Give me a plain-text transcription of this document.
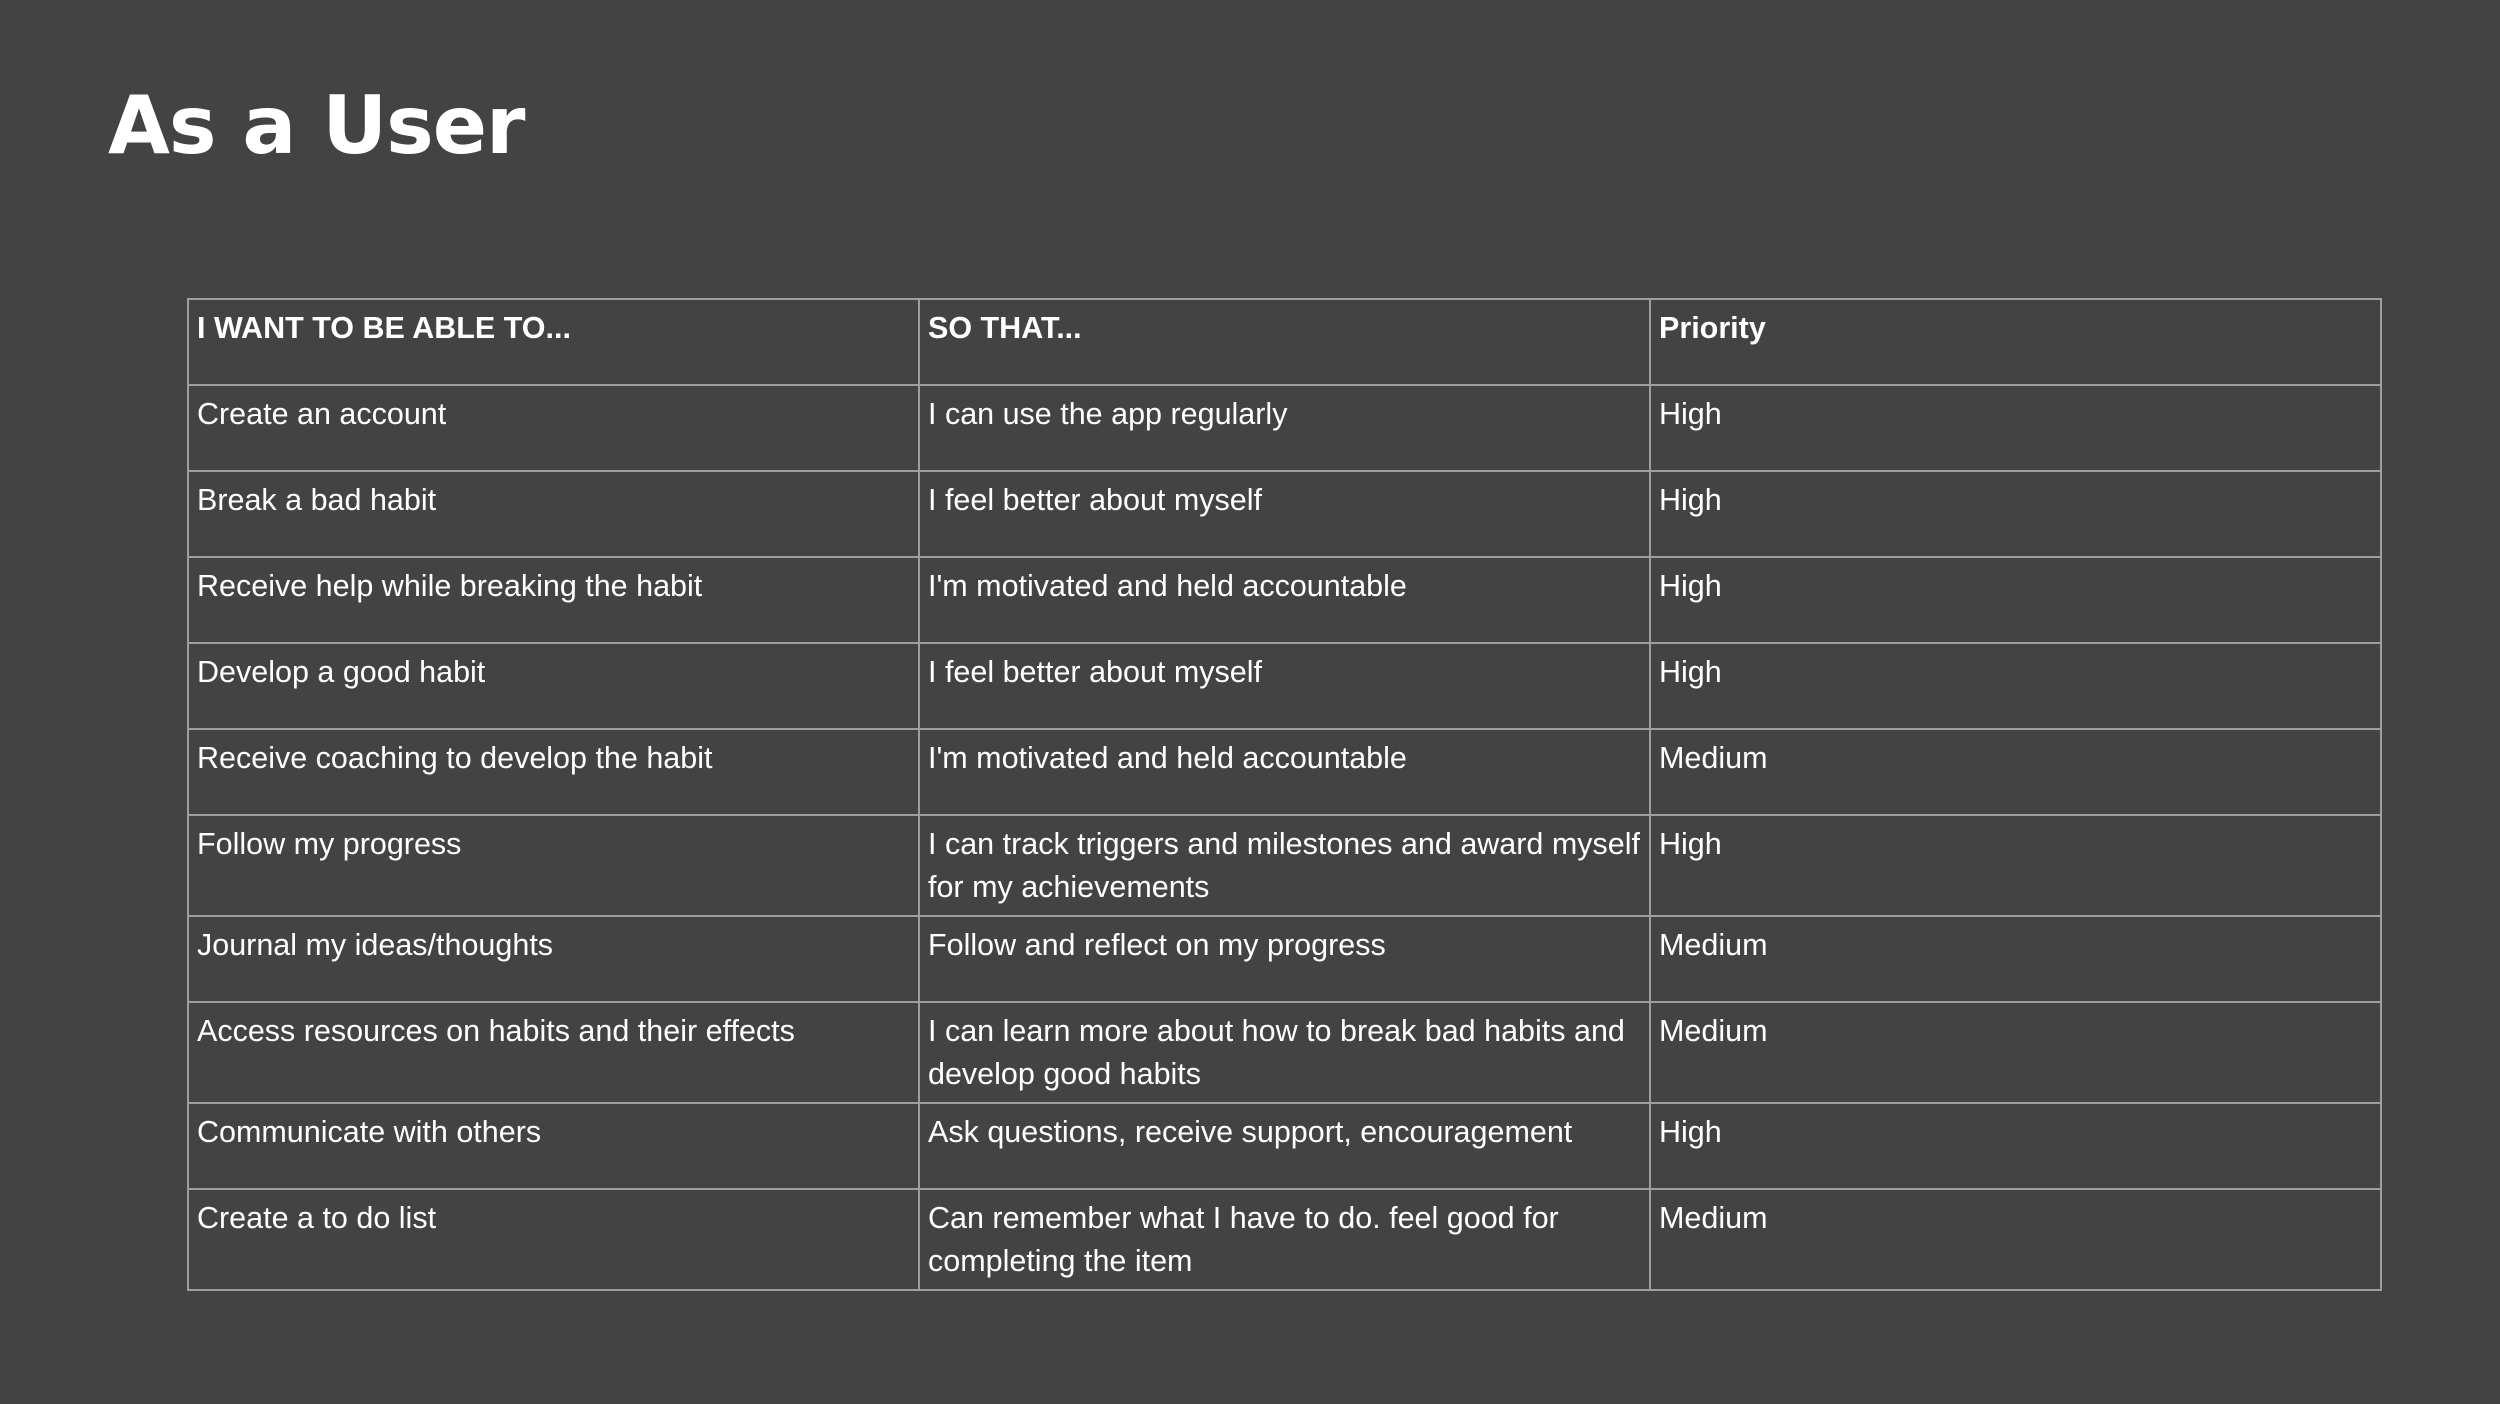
As a User
I WANT TO BE ABLE TO...	SO THAT...	Priority
Create an account	I can use the app regularly	High
Break a bad habit	I feel better about myself	High
Receive help while breaking the habit	I'm motivated and held accountable	High
Develop a good habit	I feel better about myself	High
Receive coaching to develop the habit	I'm motivated and held accountable	Medium
Follow my progress	I can track triggers and milestones and award myself for my achievements	High
Journal my ideas/thoughts	Follow and reflect on my progress	Medium
Access resources on habits and their effects	I can learn more about how to break bad habits and develop good habits	Medium
Communicate with others	Ask questions, receive support, encouragement	High
Create a to do list	Can remember what I have to do. feel good for completing the item	Medium
